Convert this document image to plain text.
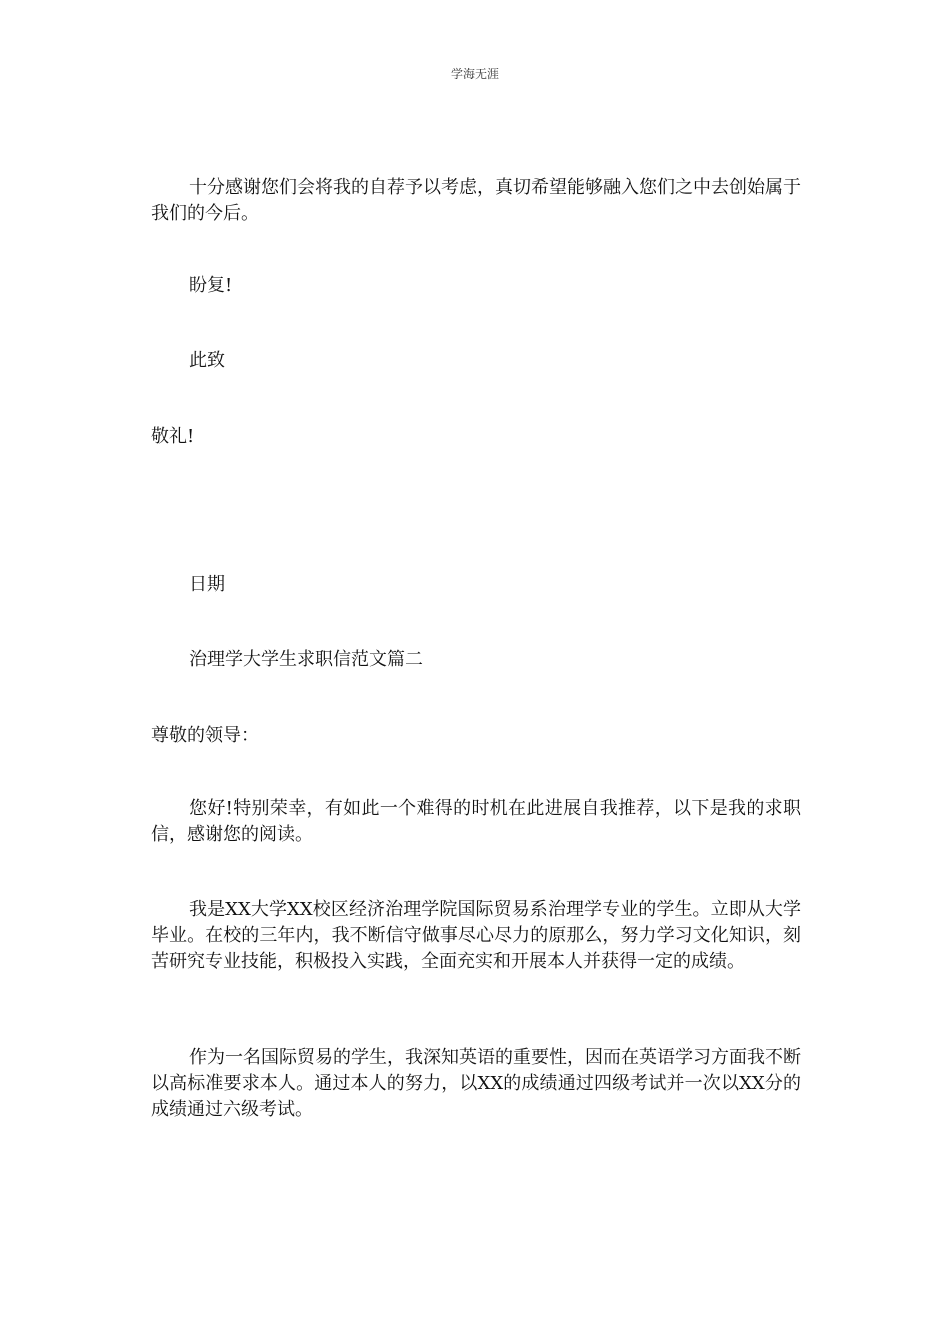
学海无涯

十分感谢您们会将我的自荐予以考虑，真切希望能够融入您们之中去创始属于我们的今后。

盼复!

此致

敬礼!

日期

治理学大学生求职信范文篇二

尊敬的领导：

您好!特别荣幸，有如此一个难得的时机在此进展自我推荐，以下是我的求职信，感谢您的阅读。

我是XX大学XX校区经济治理学院国际贸易系治理学专业的学生。立即从大学毕业。在校的三年内，我不断信守做事尽心尽力的原那么，努力学习文化知识，刻苦研究专业技能，积极投入实践，全面充实和开展本人并获得一定的成绩。

作为一名国际贸易的学生，我深知英语的重要性，因而在英语学习方面我不断以高标准要求本人。通过本人的努力，以XX的成绩通过四级考试并一次以XX分的成绩通过六级考试。
